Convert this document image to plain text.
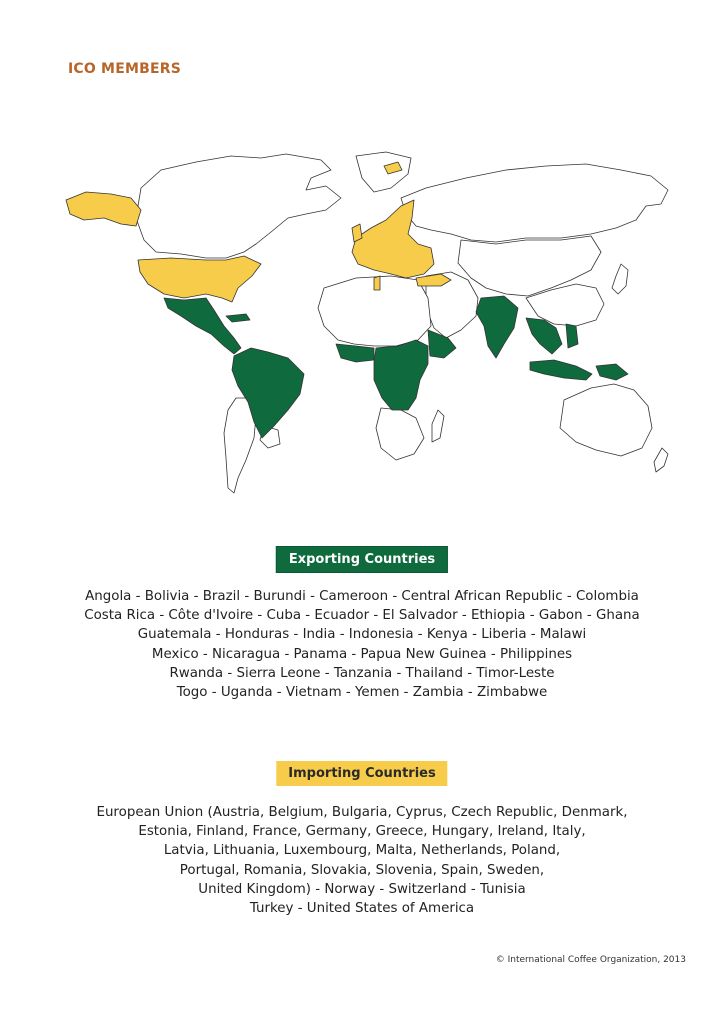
ICO MEMBERS
Exporting Countries
Angola - Bolivia - Brazil - Burundi - Cameroon - Central African Republic - Colombia
Costa Rica - Côte d'Ivoire - Cuba - Ecuador - El Salvador - Ethiopia - Gabon - Ghana
Guatemala - Honduras - India - Indonesia - Kenya - Liberia - Malawi
Mexico - Nicaragua - Panama - Papua New Guinea - Philippines
Rwanda - Sierra Leone - Tanzania - Thailand - Timor-Leste
Togo - Uganda - Vietnam - Yemen - Zambia - Zimbabwe
Importing Countries
European Union (Austria, Belgium, Bulgaria, Cyprus, Czech Republic, Denmark,
Estonia, Finland, France, Germany, Greece, Hungary, Ireland, Italy,
Latvia, Lithuania, Luxembourg, Malta, Netherlands, Poland,
Portugal, Romania, Slovakia, Slovenia, Spain, Sweden,
United Kingdom) - Norway - Switzerland - Tunisia
Turkey - United States of America
© International Coffee Organization, 2013
